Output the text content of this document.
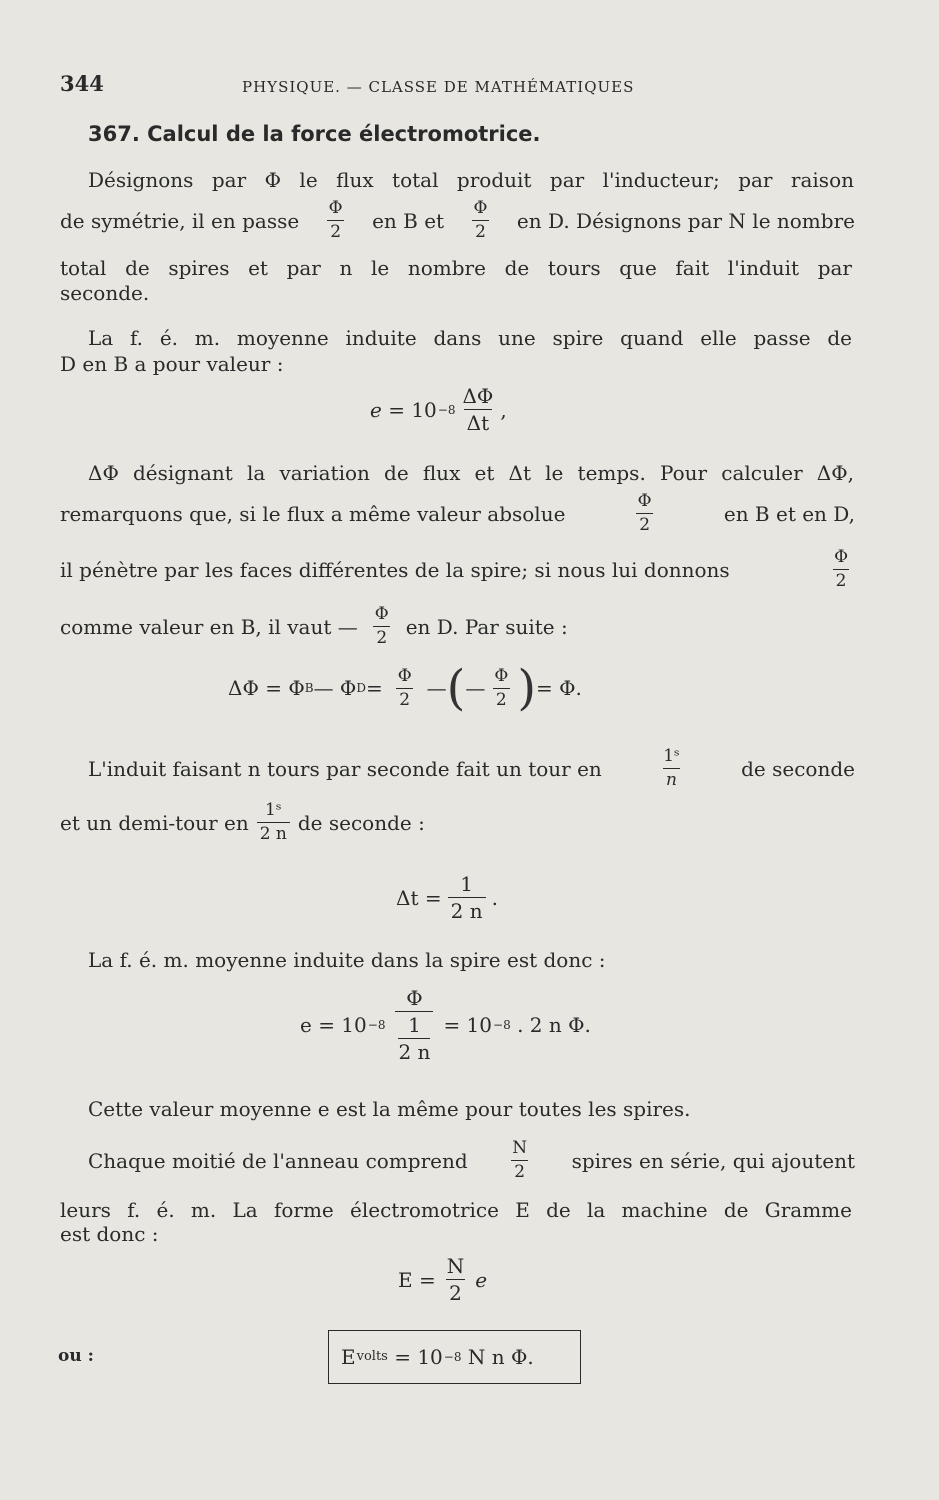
344	PHYSIQUE. — CLASSE DE MATHÉMATIQUES
367. Calcul de la force électromotrice.
Désignons par Φ le flux total produit par l'inducteur; par raison
de symétrie, il en passe $\frac{\Phi}{2}$ en B et $\frac{\Phi}{2}$ en D. Désignons par N le nombre
total de spires et par n le nombre de tours que fait l'induit par
seconde.
La f. é. m. moyenne induite dans une spire quand elle passe de
D en B a pour valeur :
e
=
$10 -8 \frac{\Delta\Phi}{\Delta t}$ ,
ΔΦ désignant la variation de flux et Δt le temps. Pour calculer ΔΦ,
remarquons que, si le flux a même valeur absolue	$\frac{\Phi}{2}$	en B et en D,
il pénètre par les faces différentes de la spire; si nous lui donnons	$\frac{\Phi}{2}$
comme valeur en B, il vaut — $\frac{\Phi}{2}$ en D. Par suite :
ΔΦ = Φ B — Φ $D = \frac{\Phi}{2}$ — ( — $\frac{\Phi}{2}$ ) = Φ.
L'induit faisant n tours par seconde fait un tour en	$\frac{\text{1ˢ}}{n}$	de seconde
et un demi-tour en $\frac{\text{1ˢ}}{2 n}$ de seconde :
$\Delta t = \frac{1}{2 n}$ .
La f. é. m. moyenne induite dans la spire est donc :
e = 10 −8 Φ
1
2 n = 10 −8
. 2 n Φ.
Cette valeur moyenne e est la même pour toutes les spires.
Chaque moitié de l'anneau comprend $\frac{N}{2}$ spires en série, qui ajoutent
leurs f. é. m. La forme électromotrice E de la machine de Gramme
est donc :
$E = \frac{N}{2}$ e
ou :	E volts
= 10 −8
N n Φ.
